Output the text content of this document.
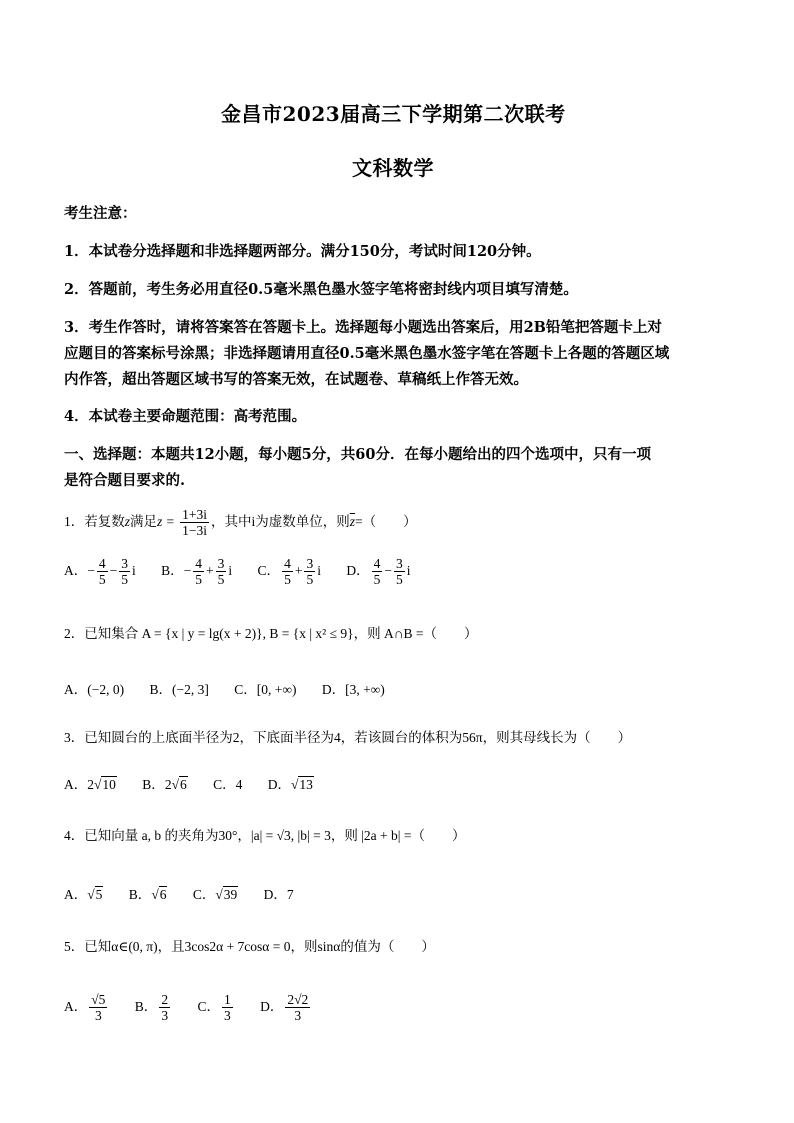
金昌市2023届高三下学期第二次联考
文科数学
考生注意：
1．本试卷分选择题和非选择题两部分。满分150分，考试时间120分钟。
2．答题前，考生务必用直径0.5毫米黑色墨水签字笔将密封线内项目填写清楚。
3．考生作答时，请将答案答在答题卡上。选择题每小题选出答案后，用2B铅笔把答题卡上对
应题目的答案标号涂黑；非选择题请用直径0.5毫米黑色墨水签字笔在答题卡上各题的答题区域
内作答，超出答题区域书写的答案无效，在试题卷、草稿纸上作答无效。
4．本试卷主要命题范围：高考范围。
一、选择题：本题共12小题，每小题5分，共60分．在每小题给出的四个选项中，只有一项
是符合题目要求的.
1．若复数z满足$z = \frac{1+3i}{1-3i}$ ，其中i为虚数单位，则$\overline{z}=$（　　）
A．− $\frac{4}{5} - \frac{3}{5}$ i B．− $\frac{4}{5} + \frac{3}{5}$ i C． $\frac{4}{5} + \frac{3}{5}$ i D． $\frac{4}{5} - \frac{3}{5}$ i
2．已知集合 A = {x | y = lg(x + 2)}, B = {x | x² ≤ 9}，则 A∩B =（　　）
A．(−2, 0) B．(−2, 3] C．[0, +∞) D．[3, +∞)
3．已知圆台的上底面半径为2，下底面半径为4，若该圆台的体积为56π，则其母线长为（　　）
A．2√10 B．2√6 C．4 D．√13
4．已知向量 a, b 的夹角为30°，|a| = √3, |b| = 3，则 |2a + b| =（　　）
A．√5 B．√6 C．√39 D．7
5．已知α∈(0, π)，且3cos2α + 7cosα = 0，则sinα的值为（　　）
A． $\frac{√5}{3}$ B． $\frac{2}{3}$ C． $\frac{1}{3}$ D． $\frac{2√2}{3}$
